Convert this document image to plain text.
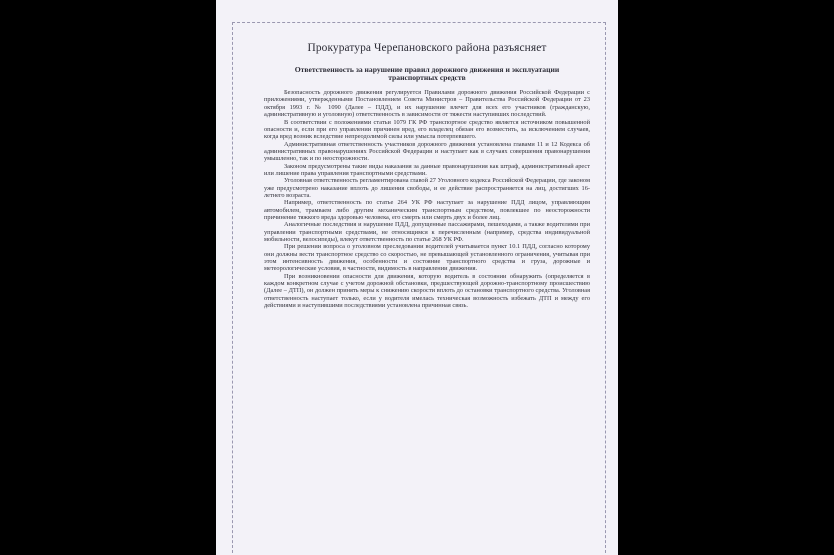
Прокуратура Черепановского района разъясняет
Ответственность за нарушение правил дорожного движения и эксплуатации транспортных средств

Безопасность дорожного движения регулируется Правилами дорожного движения Российской Федерации с приложениями, утвержденными Постановлением Совета Министров – Правительства Российской Федерации от 23 октября 1993 г. № 1090 (Далее – ПДД), и их нарушение влечет для всех его участников (гражданскую, административную и уголовную) ответственность в зависимости от тяжести наступивших последствий.

В соответствии с положениями статьи 1079 ГК РФ транспортное средство является источником повышенной опасности и, если при его управлении причинен вред, его владелец обязан его возместить, за исключением случаев, когда вред возник вследствие непреодолимой силы или умысла потерпевшего.

Административная ответственность участников дорожного движения установлена главами 11 и 12 Кодекса об административных правонарушениях Российской Федерации и наступает как в случаях совершения правонарушения умышленно, так и по неосторожности.

Законом предусмотрены такие виды наказания за данные правонарушения как штраф, административный арест или лишение права управления транспортными средствами.

Уголовная ответственность регламентирована главой 27 Уголовного кодекса Российской Федерации, где законом уже предусмотрено наказание вплоть до лишения свободы, и ее действие распространяется на лиц, достигших 16-летнего возраста.

Например, ответственность по статье 264 УК РФ наступает за нарушение ПДД лицом, управляющим автомобилем, трамваем либо другим механическим транспортным средством, повлекшее по неосторожности причинение тяжкого вреда здоровью человека, его смерть или смерть двух и более лиц.

Аналогичные последствия и нарушение ПДД, допущенные пассажирами, пешеходами, а также водителями при управлении транспортными средствами, не относящимся к перечисленным (например, средства индивидуальной мобильности, велосипеды), влекут ответственность по статье 268 УК РФ.

При решении вопроса о уголовном преследовании водителей учитывается пункт 10.1 ПДД, согласно которому они должны вести транспортное средство со скоростью, не превышающей установленного ограничения, учитывая при этом интенсивность движения, особенности и состояние транспортного средства и груза, дорожные и метеорологические условия, в частности, видимость в направлении движения.

При возникновении опасности для движения, которую водитель в состоянии обнаружить (определяется в каждом конкретном случае с учетом дорожной обстановки, предшествующей дорожно-транспортному происшествию (Далее – ДТП), он должен принять меры к снижению скорости вплоть до остановки транспортного средства. Уголовная ответственность наступает только, если у водителя имелась техническая возможность избежать ДТП и между его действиями и наступившими последствиями установлена причинная связь.
